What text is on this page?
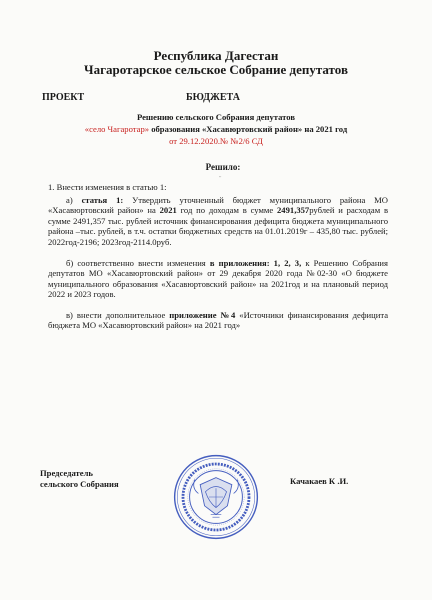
Республика Дагестан
Чагаротарское сельское Собрание депутатов
ПРОЕКТ	БЮДЖЕТА
Решению сельского Собрания депутатов
«село Чагаротар» образования «Хасавюртовский район» на 2021 год
от 29.12.2020.№ №2/6 СД
Решило:
¨
1. Внести изменения в статью 1:
а) статья 1: Утвердить уточненный бюджет муниципального района МО «Хасавюртовский район» на 2021 год по доходам в сумме 2491,357рублей и расходам в сумме 2491,357 тыс. рублей источник финансирования дефицита бюджета муниципального района –тыс. рублей, в т.ч. остатки бюджетных средств на 01.01.2019г – 435,80 тыс. рублей; 2022год-2196; 2023год-2114.0руб.
б) соответственно внести изменения в приложения: 1, 2, 3, к Решению Собрания депутатов МО «Хасавюртовский район» от 29 декабря 2020 года №02-30 «О бюджете муниципального образования «Хасавюртовский район» на 2021год и на плановый период 2022 и 2023 годов.
в) внести дополнительное приложение №4 «Источники финансирования дефицита бюджета МО «Хасавюртовский район» на 2021 год»
Председатель
сельского Собрания	Качакаев К .И.
